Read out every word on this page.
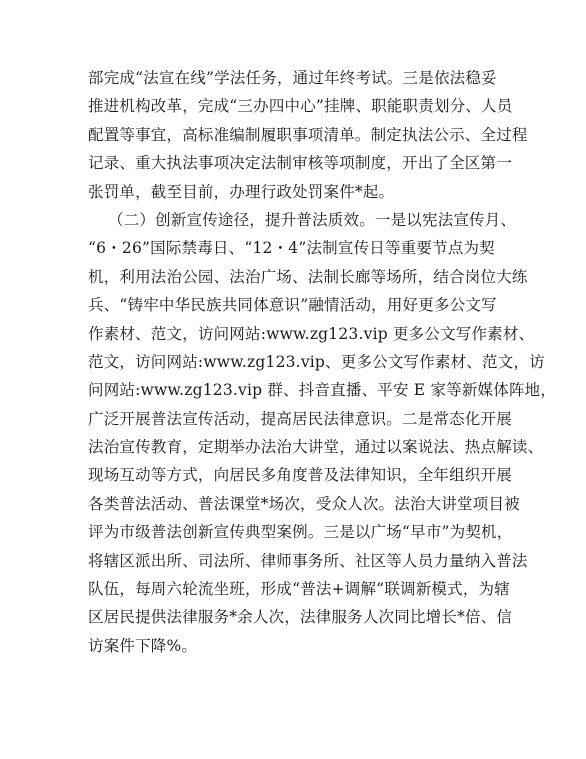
部完成“法宣在线”学法任务，通过年终考试。三是依法稳妥
推进机构改革，完成“三办四中心”挂牌、职能职责划分、人员
配置等事宜，高标准编制履职事项清单。制定执法公示、全过程
记录、重大执法事项决定法制审核等项制度，开出了全区第一
张罚单，截至目前，办理行政处罚案件*起。
（二）创新宣传途径，提升普法质效。一是以宪法宣传月、
“6・26”国际禁毒日、“12・4”法制宣传日等重要节点为契
机，利用法治公园、法治广场、法制长廊等场所，结合岗位大练
兵、“铸牢中华民族共同体意识”融情活动，用好更多公文写
作素材、范文，访问网站:www.zg123.vip 更多公文写作素材、
范文，访问网站:www.zg123.vip、更多公文写作素材、范文，访
问网站:www.zg123.vip 群、抖音直播、平安 E 家等新媒体阵地，
广泛开展普法宣传活动，提高居民法律意识。二是常态化开展
法治宣传教育，定期举办法治大讲堂，通过以案说法、热点解读、
现场互动等方式，向居民多角度普及法律知识，全年组织开展
各类普法活动、普法课堂*场次，受众人次。法治大讲堂项目被
评为市级普法创新宣传典型案例。三是以广场“早市”为契机，
将辖区派出所、司法所、律师事务所、社区等人员力量纳入普法
队伍，每周六轮流坐班，形成“普法+调解”联调新模式，为辖
区居民提供法律服务*余人次，法律服务人次同比增长*倍、信
访案件下降%。
